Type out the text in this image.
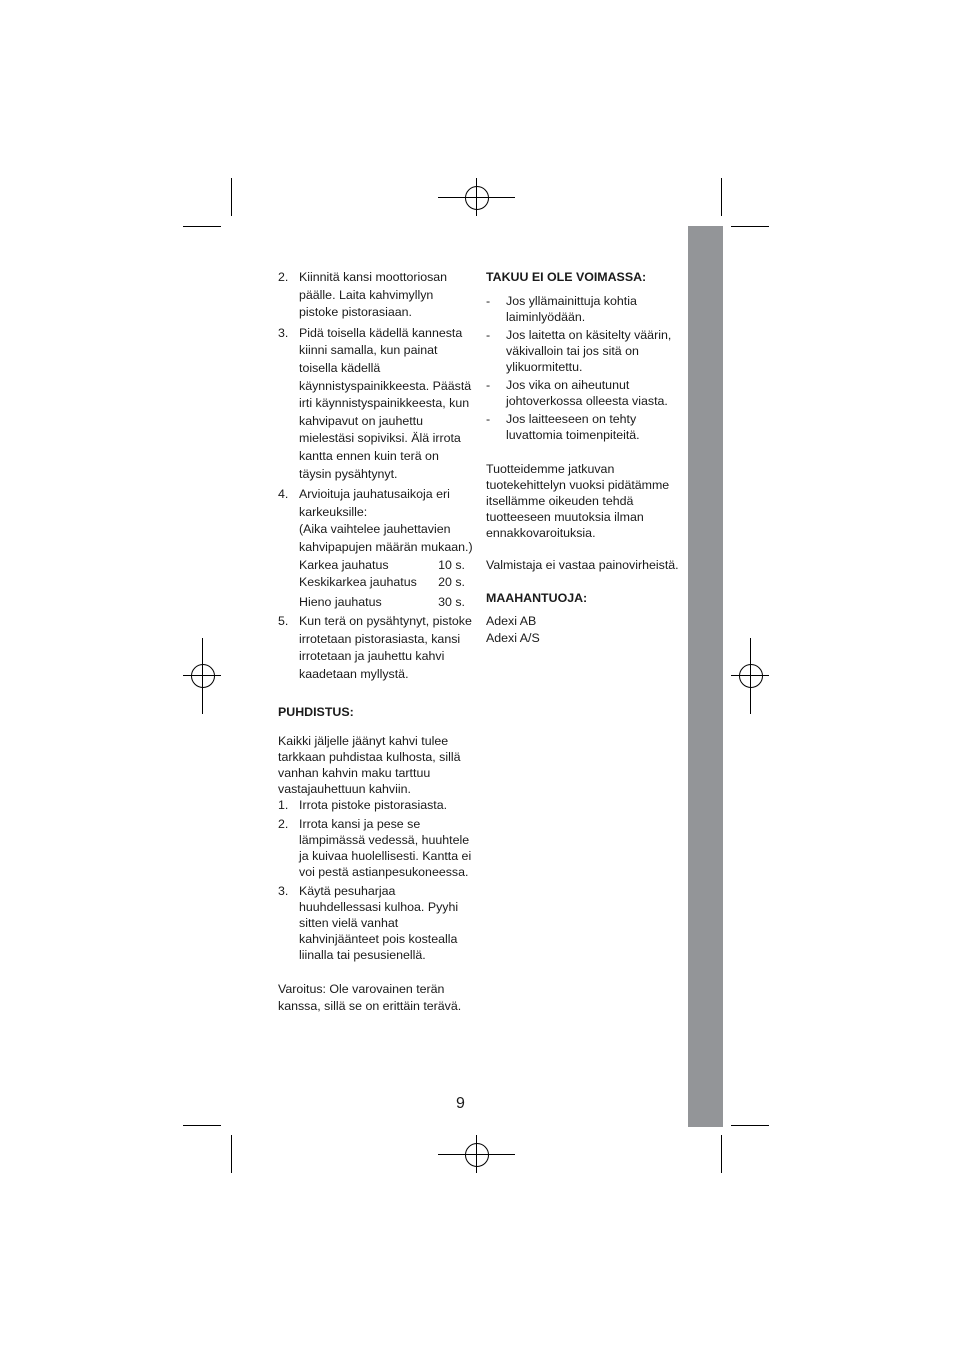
2. Kiinnitä kansi moottoriosan päälle. Laita kahvimyllyn pistoke pistorasiaan.
3. Pidä toisella kädellä kannesta kiinni samalla, kun painat toisella kädellä käynnistyspainikkeesta. Päästä irti käynnistyspainikkeesta, kun kahvipavut on jauhettu mielestäsi sopiviksi. Älä irrota kantta ennen kuin terä on täysin pysähtynyt.
4. Arvioituja jauhatusaikoja eri karkeuksille:
(Aika vaihtelee jauhettavien kahvipapujen määrän mukaan.)
Karkea jauhatus	10 s.
Keskikarkea jauhatus 20 s.
Hieno jauhatus	30 s.
5. Kun terä on pysähtynyt, pistoke irrotetaan pistorasiasta, kansi irrotetaan ja jauhettu kahvi kaadetaan myllystä.
PUHDISTUS:
Kaikki jäljelle jäänyt kahvi tulee tarkkaan puhdistaa kulhosta, sillä vanhan kahvin maku tarttuu vastajauhettuun kahviin.
1. Irrota pistoke pistorasiasta.
2. Irrota kansi ja pese se lämpimässä vedessä, huuhtele ja kuivaa huolellisesti. Kantta ei voi pestä astianpesukoneessa.
3. Käytä pesuharjaa huuhdellessasi kulhoa. Pyyhi sitten vielä vanhat kahvinjäänteet pois kostealla liinalla tai pesusienellä.
Varoitus: Ole varovainen terän kanssa, sillä se on erittäin terävä.
TAKUU EI OLE VOIMASSA:
- Jos yllämainittuja kohtia laiminlyödään.
- Jos laitetta on käsitelty väärin, väkivalloin tai jos sitä on ylikuormitettu.
- Jos vika on aiheutunut johtoverkossa olleesta viasta.
- Jos laitteeseen on tehty luvattomia toimenpiteitä.
Tuotteidemme jatkuvan tuotekehittelyn vuoksi pidätämme itsellämme oikeuden tehdä tuotteeseen muutoksia ilman ennakkovaroituksia.
Valmistaja ei vastaa painovirheistä.
MAAHANTUOJA:
Adexi AB
Adexi A/S
9
